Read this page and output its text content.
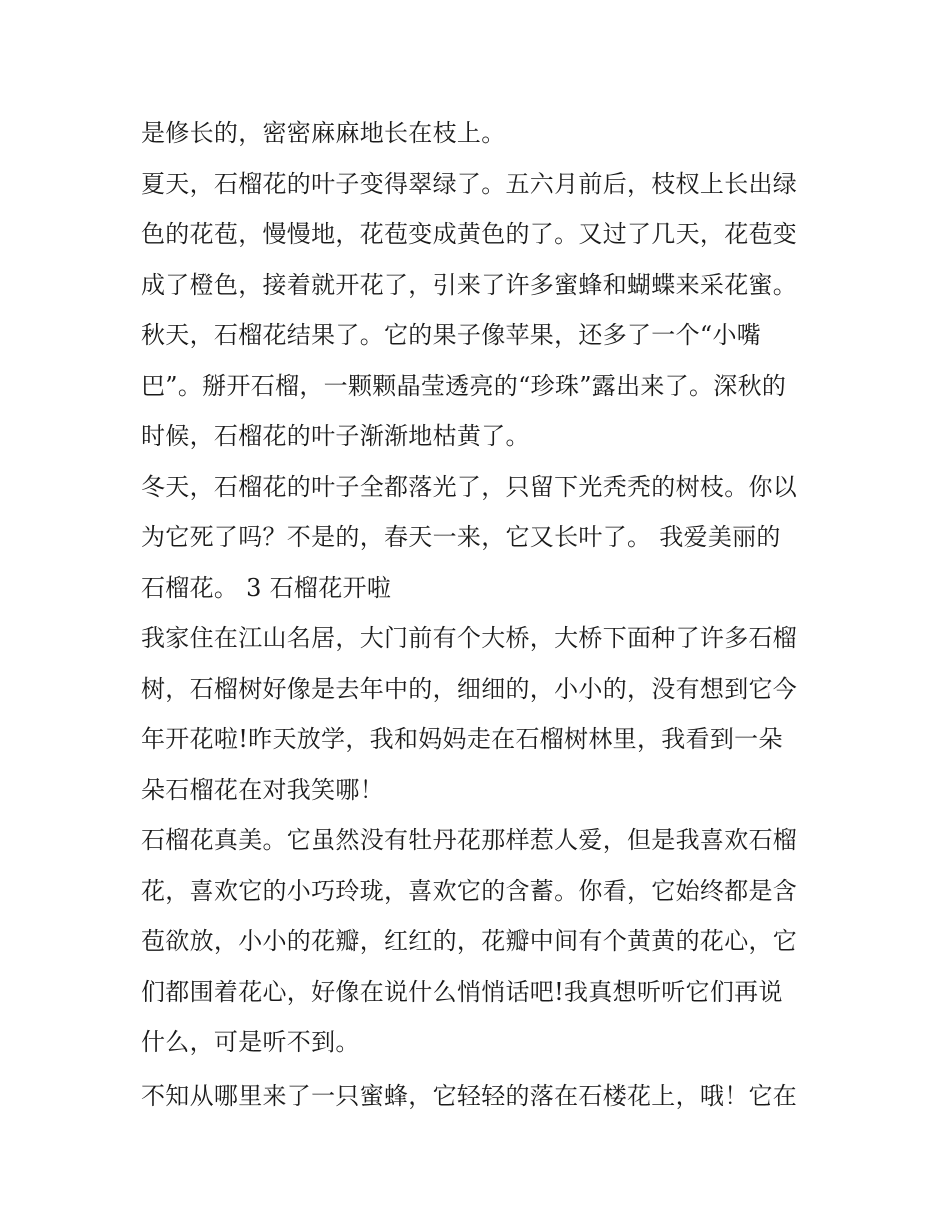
是修长的，密密麻麻地长在枝上。
夏天，石榴花的叶子变得翠绿了。五六月前后，枝杈上长出绿
色的花苞，慢慢地，花苞变成黄色的了。又过了几天，花苞变
成了橙色，接着就开花了，引来了许多蜜蜂和蝴蝶来采花蜜。
秋天，石榴花结果了。它的果子像苹果，还多了一个“小嘴
巴”。掰开石榴，一颗颗晶莹透亮的“珍珠”露出来了。深秋的
时候，石榴花的叶子渐渐地枯黄了。
冬天，石榴花的叶子全都落光了，只留下光秃秃的树枝。你以
为它死了吗？不是的，春天一来，它又长叶了。 我爱美丽的
石榴花。 3 石榴花开啦
我家住在江山名居，大门前有个大桥，大桥下面种了许多石榴
树，石榴树好像是去年中的，细细的，小小的，没有想到它今
年开花啦!昨天放学，我和妈妈走在石榴树林里，我看到一朵
朵石榴花在对我笑哪！
石榴花真美。它虽然没有牡丹花那样惹人爱，但是我喜欢石榴
花，喜欢它的小巧玲珑，喜欢它的含蓄。你看，它始终都是含
苞欲放，小小的花瓣，红红的，花瓣中间有个黄黄的花心，它
们都围着花心，好像在说什么悄悄话吧!我真想听听它们再说
什么，可是听不到。
不知从哪里来了一只蜜蜂，它轻轻的落在石楼花上，哦！它在
